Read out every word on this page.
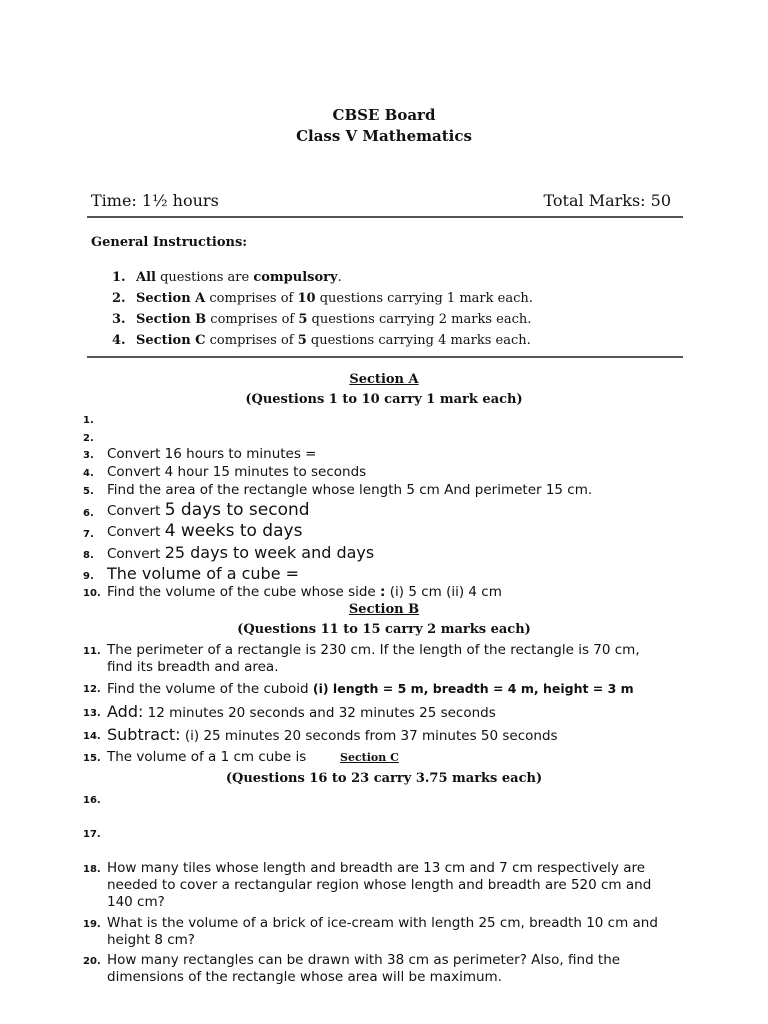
CBSE Board
Class V Mathematics
Time: 1½ hours	Total Marks: 50
General Instructions:
1. All questions are compulsory.
2. Section A comprises of 10 questions carrying 1 mark each.
3. Section B comprises of 5 questions carrying 2 marks each.
4. Section C comprises of 5 questions carrying 4 marks each.
Section A
(Questions 1 to 10 carry 1 mark each)
1.
2.
3. Convert 16 hours to minutes =
4. Convert 4 hour 15 minutes to seconds
5. Find the area of the rectangle whose length 5 cm And perimeter 15 cm.
6. Convert 5 days to second
7. Convert 4 weeks to days
8. Convert 25 days to week and days
9. The volume of a cube =
10. Find the volume of the cube whose side : (i) 5 cm (ii) 4 cm
Section B
(Questions 11 to 15 carry 2 marks each)
11. The perimeter of a rectangle is 230 cm. If the length of the rectangle is 70 cm,
find its breadth and area.
12. Find the volume of the cuboid (i) length = 5 m, breadth = 4 m, height = 3 m
13. Add: 12 minutes 20 seconds and 32 minutes 25 seconds
14. Subtract: (i) 25 minutes 20 seconds from 37 minutes 50 seconds
15. The volume of a 1 cm cube is	Section C
(Questions 16 to 23 carry 3.75 marks each)
16.
17.
18. How many tiles whose length and breadth are 13 cm and 7 cm respectively are
needed to cover a rectangular region whose length and breadth are 520 cm and
140 cm?
19. What is the volume of a brick of ice-cream with length 25 cm, breadth 10 cm and
height 8 cm?
20. How many rectangles can be drawn with 38 cm as perimeter? Also, find the
dimensions of the rectangle whose area will be maximum.
